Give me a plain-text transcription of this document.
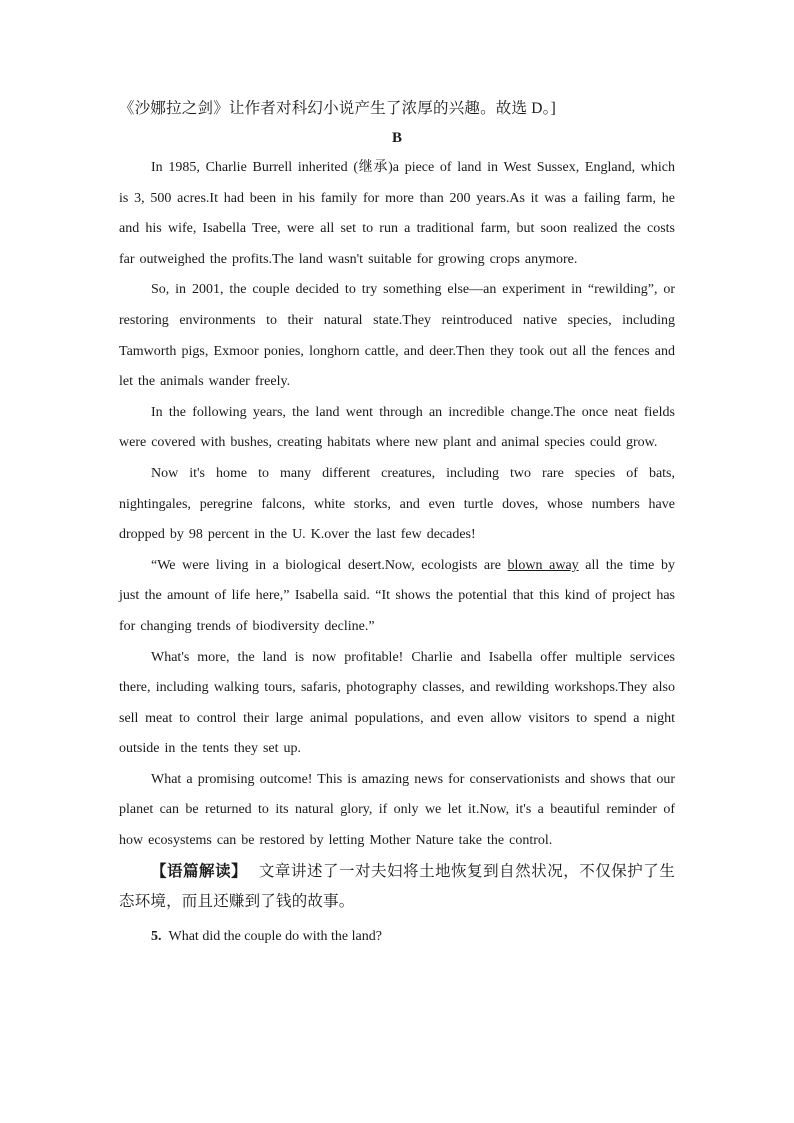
《沙娜拉之剑》让作者对科幻小说产生了浓厚的兴趣。故选 D。]

B

In 1985, Charlie Burrell inherited (继承)a piece of land in West Sussex, England, which is 3, 500 acres.It had been in his family for more than 200 years.As it was a failing farm, he and his wife, Isabella Tree, were all set to run a traditional farm, but soon realized the costs far outweighed the profits.The land wasn't suitable for growing crops anymore.

So, in 2001, the couple decided to try something else—an experiment in “rewilding”, or restoring environments to their natural state.They reintroduced native species, including Tamworth pigs, Exmoor ponies, longhorn cattle, and deer.Then they took out all the fences and let the animals wander freely.

In the following years, the land went through an incredible change.The once neat fields were covered with bushes, creating habitats where new plant and animal species could grow.

Now it's home to many different creatures, including two rare species of bats, nightingales, peregrine falcons, white storks, and even turtle doves, whose numbers have dropped by 98 percent in the U. K.over the last few decades!

“We were living in a biological desert.Now, ecologists are blown away all the time by just the amount of life here,” Isabella said. “It shows the potential that this kind of project has for changing trends of biodiversity decline.”

What's more, the land is now profitable! Charlie and Isabella offer multiple services there, including walking tours, safaris, photography classes, and rewilding workshops.They also sell meat to control their large animal populations, and even allow visitors to spend a night outside in the tents they set up.

What a promising outcome! This is amazing news for conservationists and shows that our planet can be returned to its natural glory, if only we let it.Now, it's a beautiful reminder of how ecosystems can be restored by letting Mother Nature take the control.

【语篇解读】 文章讲述了一对夫妇将土地恢复到自然状况，不仅保护了生态环境，而且还赚到了钱的故事。

5. What did the couple do with the land?
